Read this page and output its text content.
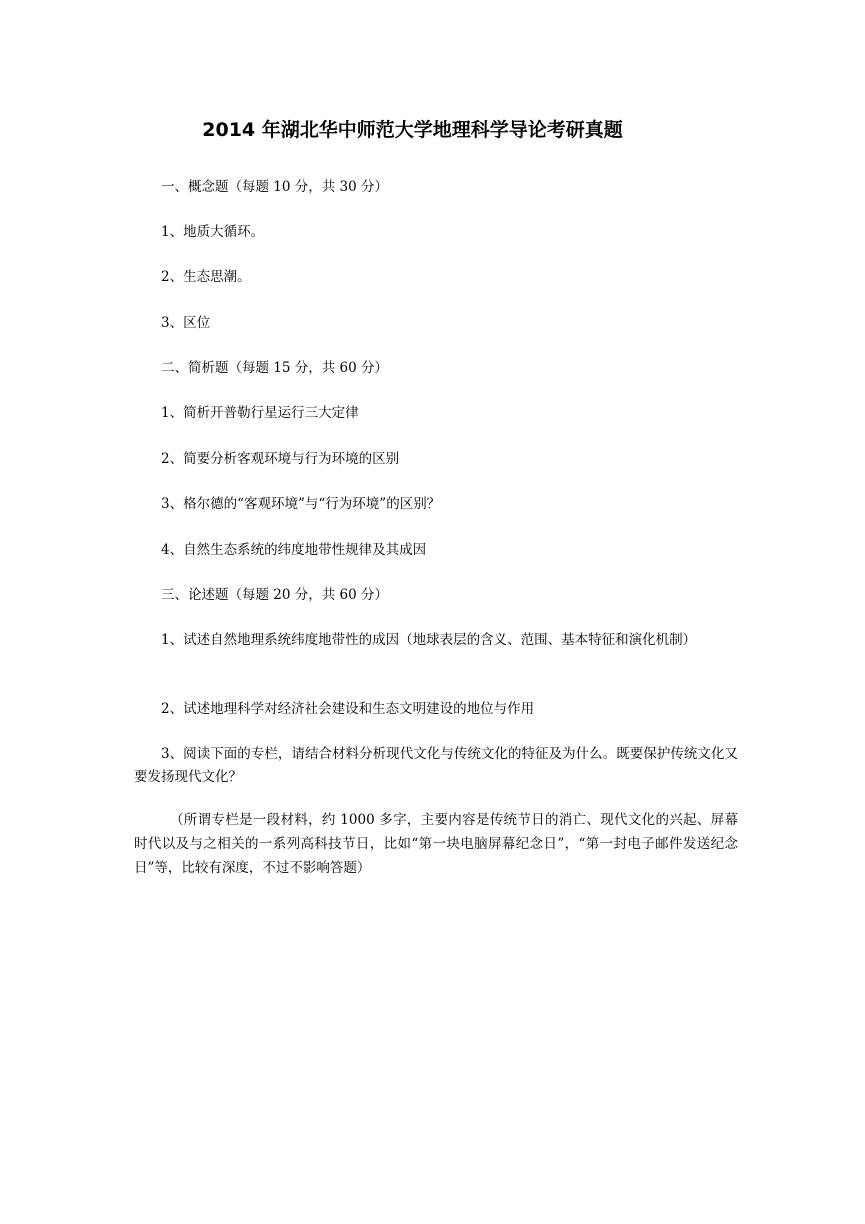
2014 年湖北华中师范大学地理科学导论考研真题
一、概念题（每题 10 分，共 30 分）
1、地质大循环。
2、生态思潮。
3、区位
二、简析题（每题 15 分，共 60 分）
1、简析开普勒行星运行三大定律
2、简要分析客观环境与行为环境的区别
3、格尔德的“客观环境”与“行为环境”的区别？
4、自然生态系统的纬度地带性规律及其成因
三、论述题（每题 20 分，共 60 分）
1、试述自然地理系统纬度地带性的成因（地球表层的含义、范围、基本特征和演化机制）
2、试述地理科学对经济社会建设和生态文明建设的地位与作用
3、阅读下面的专栏，请结合材料分析现代文化与传统文化的特征及为什么。既要保护传统文化又要发扬现代文化？
（所谓专栏是一段材料，约 1000 多字，主要内容是传统节日的消亡、现代文化的兴起、屏幕时代以及与之相关的一系列高科技节日，比如“第一块电脑屏幕纪念日”，“第一封电子邮件发送纪念日”等，比较有深度，不过不影响答题）
